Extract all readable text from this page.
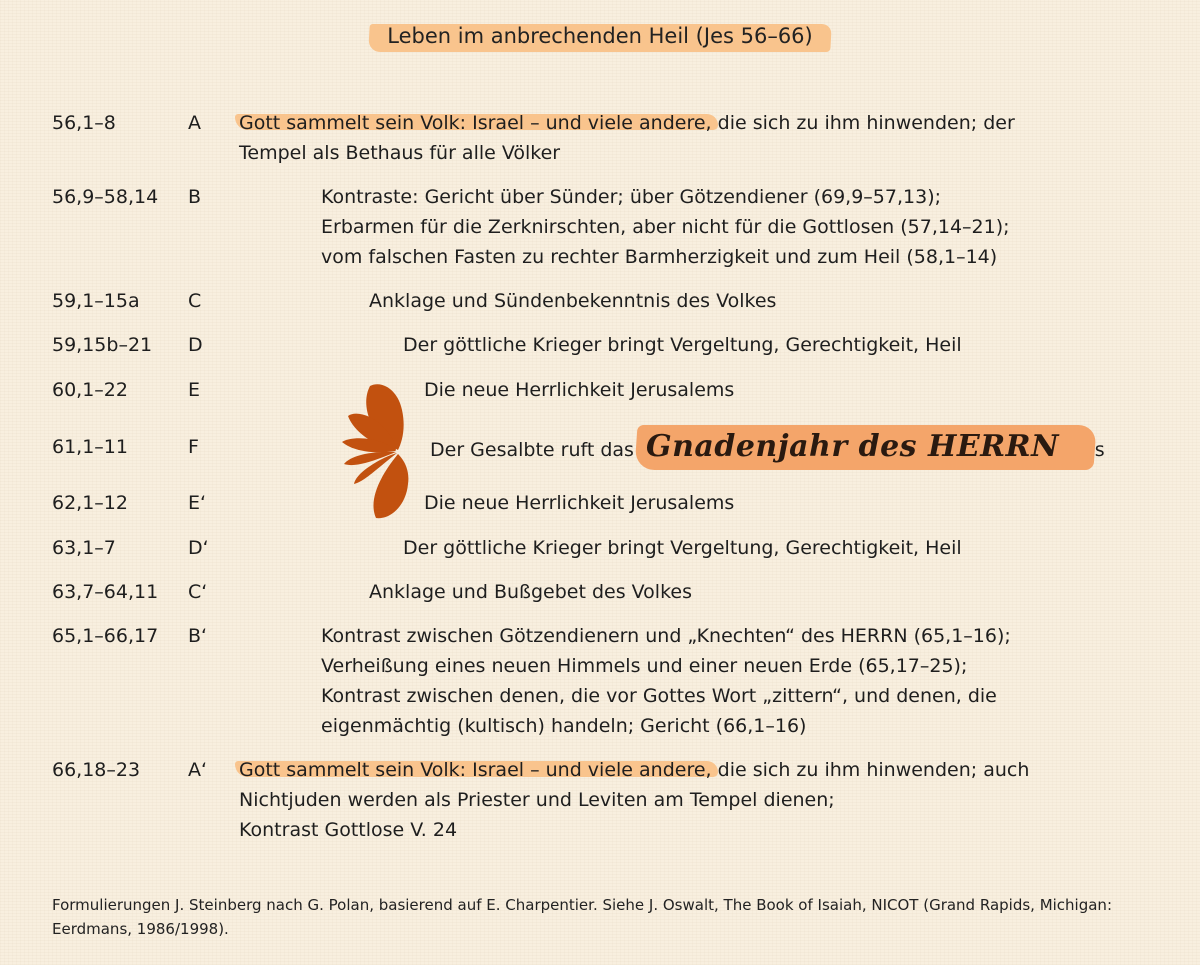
Leben im anbrechenden Heil (Jes 56–66)
56,1–8	A Gott sammelt sein Volk: Israel – und viele andere, die sich zu ihm hinwenden; der
Tempel als Bethaus für alle Völker
56,9–58,14 B	Kontraste: Gericht über Sünder; über Götzendiener (69,9–57,13);
Erbarmen für die Zerknirschten, aber nicht für die Gottlosen (57,14–21);
vom falschen Fasten zu rechter Barmherzigkeit und zum Heil (58,1–14)
59,1–15a	C	Anklage und Sündenbekenntnis des Volkes
59,15b–21 D	Der göttliche Krieger bringt Vergeltung, Gerechtigkeit, Heil
60,1–22	E	Die neue Herrlichkeit Jerusalems
61,1–11	F	Der Gesalbte ruft das Gnadenjahr des HERRN aus
62,1–12	E‘	Die neue Herrlichkeit Jerusalems
63,1–7	D‘	Der göttliche Krieger bringt Vergeltung, Gerechtigkeit, Heil
63,7–64,11 C‘	Anklage und Bußgebet des Volkes
65,1–66,17 B‘	Kontrast zwischen Götzendienern und „Knechten“ des HERRN (65,1–16);
Verheißung eines neuen Himmels und einer neuen Erde (65,17–25);
Kontrast zwischen denen, die vor Gottes Wort „zittern“, und denen, die
eigenmächtig (kultisch) handeln; Gericht (66,1–16)
66,18–23	A‘ Gott sammelt sein Volk: Israel – und viele andere, die sich zu ihm hinwenden; auch
Nichtjuden werden als Priester und Leviten am Tempel dienen;
Kontrast Gottlose V. 24
Formulierungen J. Steinberg nach G. Polan, basierend auf E. Charpentier. Siehe J. Oswalt, The Book of Isaiah, NICOT (Grand Rapids, Michigan: Eerdmans, 1986/1998).
